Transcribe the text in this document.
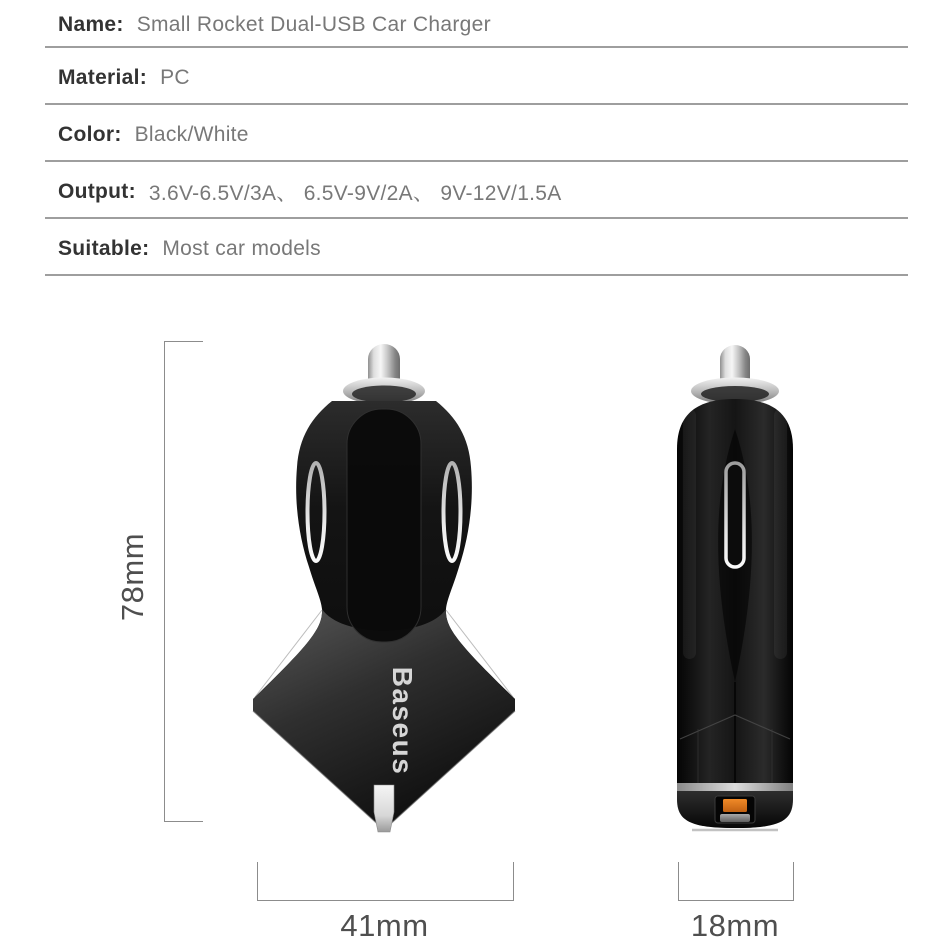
Name: Small Rocket Dual-USB Car Charger
Material: PC
Color: Black/White
Output: 3.6V-6.5V/3A、 6.5V-9V/2A、 9V-12V/1.5A
Suitable: Most car models
Baseus
78mm
41mm	18mm
